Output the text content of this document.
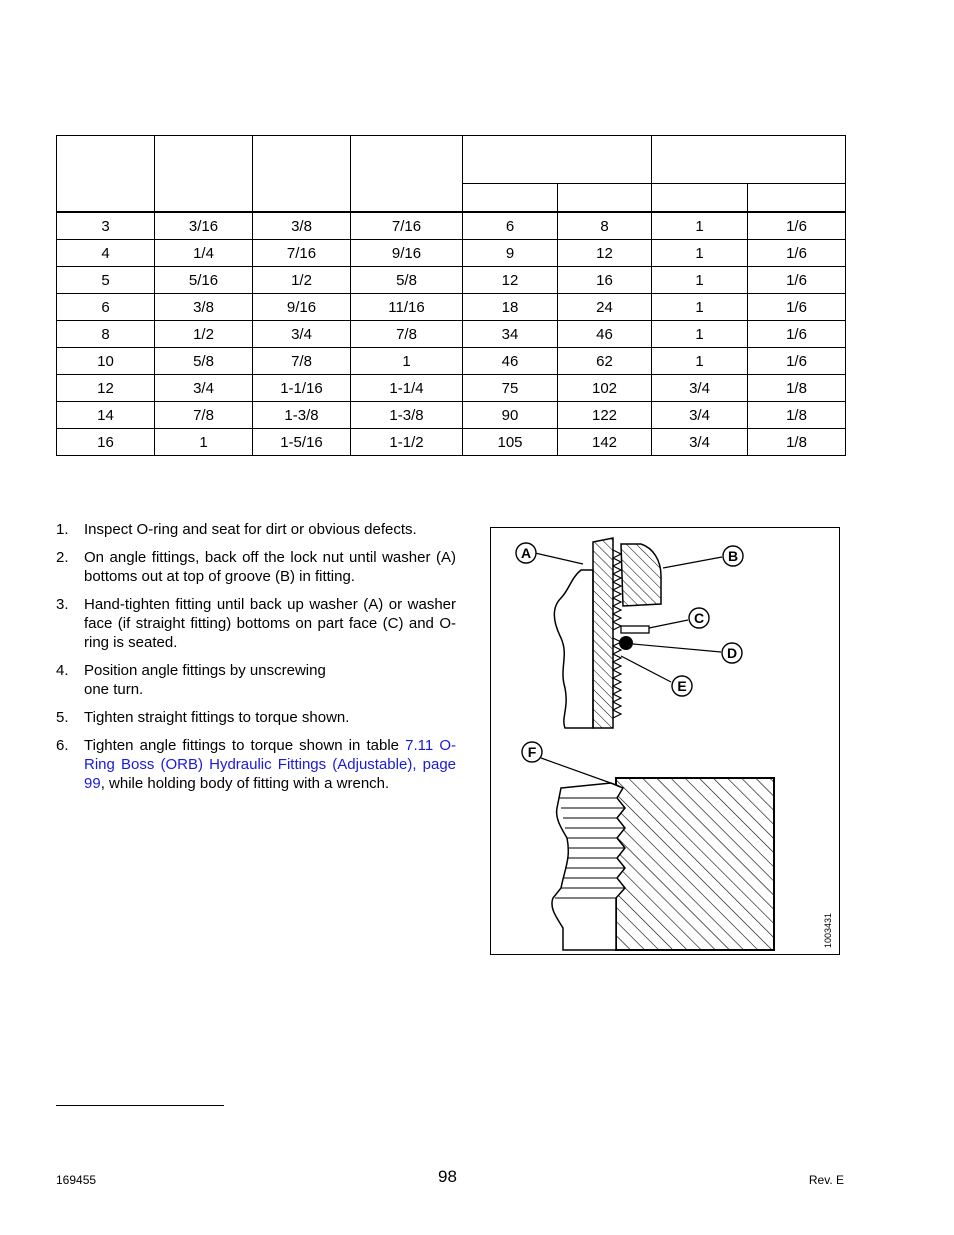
3	3/16	3/8	7/16	6	8	1	1/6
4	1/4	7/16	9/16	9	12	1	1/6
5	5/16	1/2	5/8	12	16	1	1/6
6	3/8	9/16	11/16	18	24	1	1/6
8	1/2	3/4	7/8	34	46	1	1/6
10	5/8	7/8	1	46	62	1	1/6
12	3/4	1-1/16	1-1/4	75	102	3/4	1/8
14	7/8	1-3/8	1-3/8	90	122	3/4	1/8
16	1	1-5/16	1-1/2	105	142	3/4	1/8
1. Inspect O-ring and seat for dirt or obvious defects.
2. On angle fittings, back off the lock nut until washer (A) bottoms out at top of groove (B) in fitting.
3. Hand-tighten fitting until back up washer (A) or washer face (if straight fitting) bottoms on part face (C) and O-ring is seated.
4. Position angle fittings by unscrewing
one turn.
5. Tighten straight fittings to torque shown.
6. Tighten angle fittings to torque shown in table 7.11 O-Ring Boss (ORB) Hydraulic Fittings (Adjustable), page 99, while holding body of fitting with a wrench.
A	B
C
D
E
F
1003431
169455	98	Rev. E
